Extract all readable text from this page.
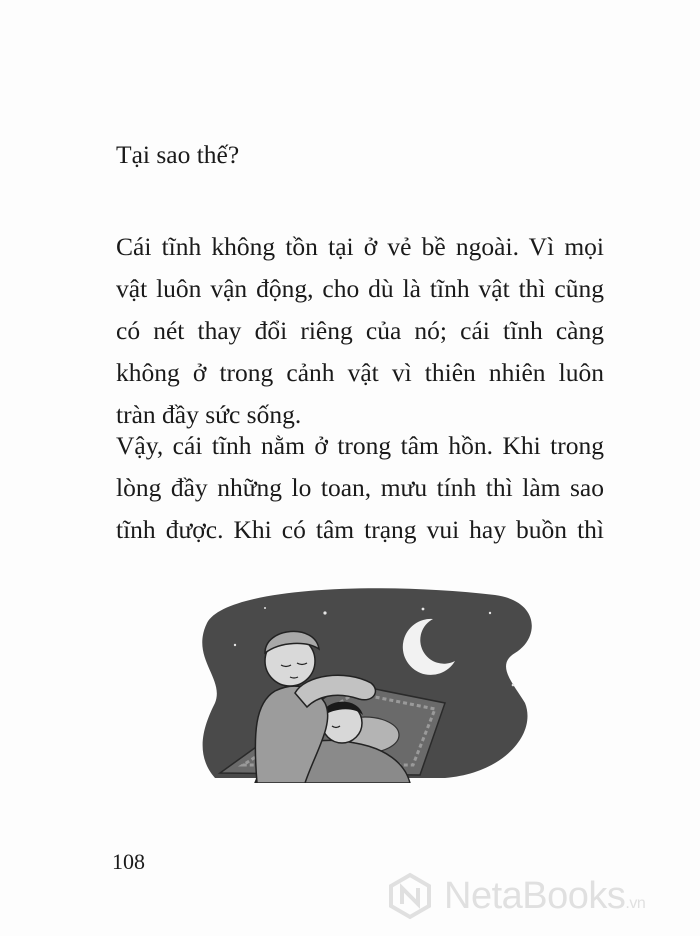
Tại sao thế?

Cái tĩnh không tồn tại ở vẻ bề ngoài. Vì mọi
vật luôn vận động, cho dù là tĩnh vật thì cũng
có nét thay đổi riêng của nó; cái tĩnh càng
không ở trong cảnh vật vì thiên nhiên luôn
tràn đầy sức sống.

Vậy, cái tĩnh nằm ở trong tâm hồn. Khi trong
lòng đầy những lo toan, mưu tính thì làm sao
tĩnh được. Khi có tâm trạng vui hay buồn thì

108
NetaBooks.vn
